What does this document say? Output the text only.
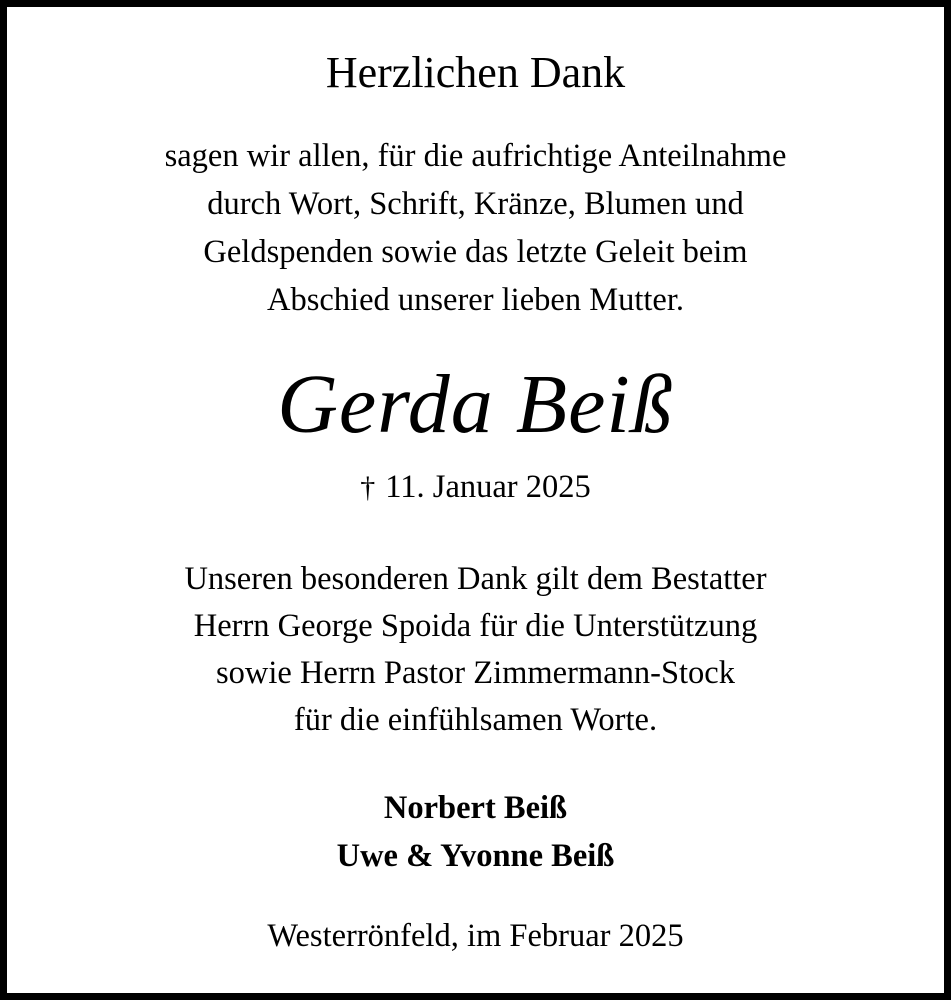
Herzlichen Dank
sagen wir allen, für die aufrichtige Anteilnahme
durch Wort, Schrift, Kränze, Blumen und
Geldspenden sowie das letzte Geleit beim
Abschied unserer lieben Mutter.
Gerda Beiß
† 11. Januar 2025
Unseren besonderen Dank gilt dem Bestatter
Herrn George Spoida für die Unterstützung
sowie Herrn Pastor Zimmermann-Stock
für die einfühlsamen Worte.
Norbert Beiß
Uwe & Yvonne Beiß
Westerrönfeld, im Februar 2025
